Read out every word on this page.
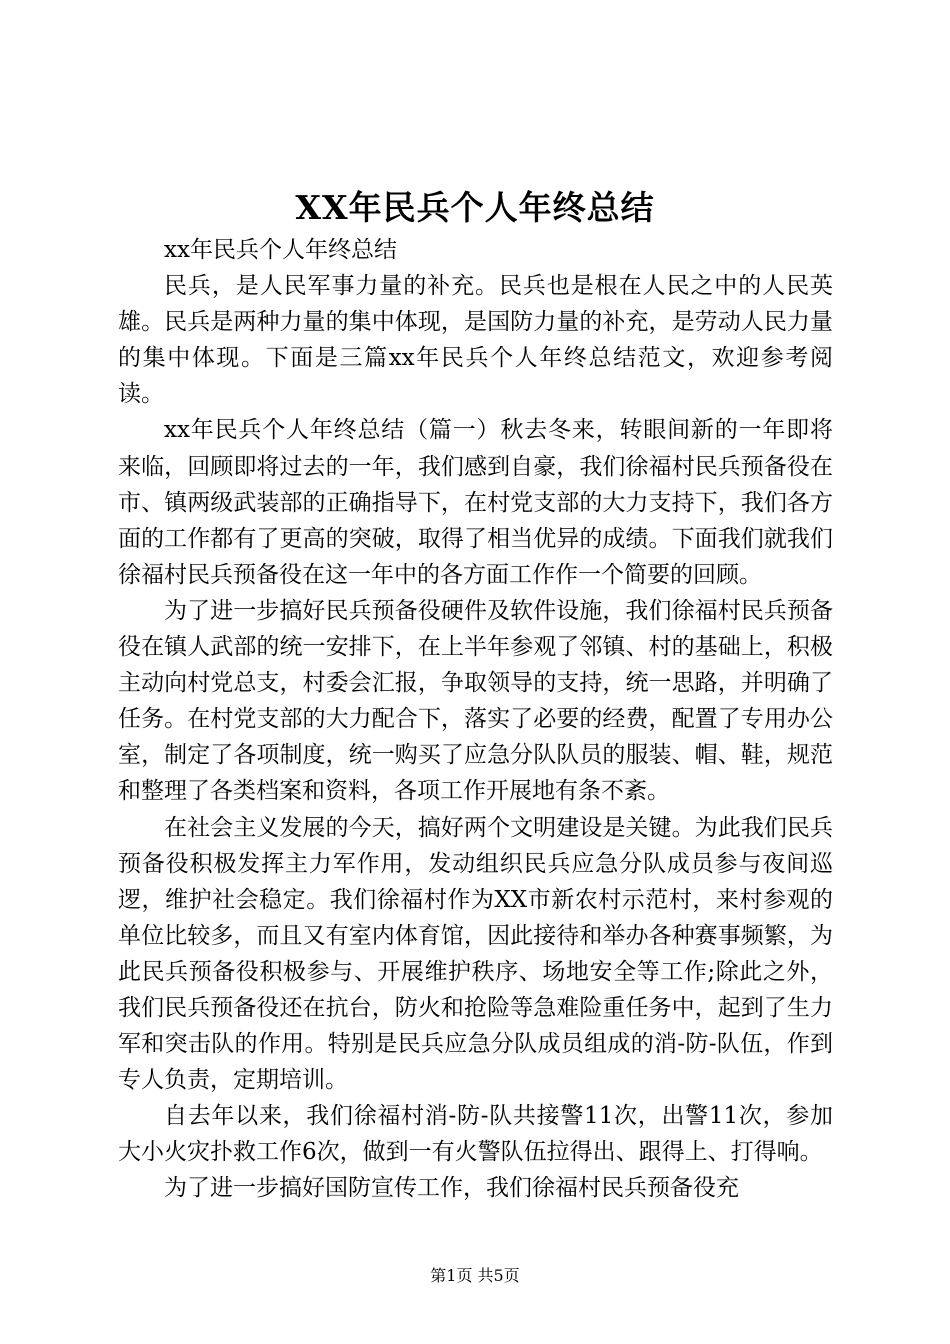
XX年民兵个人年终总结

xx年民兵个人年终总结

民兵，是人民军事力量的补充。民兵也是根在人民之中的人民英雄。民兵是两种力量的集中体现，是国防力量的补充，是劳动人民力量的集中体现。下面是三篇xx年民兵个人年终总结范文，欢迎参考阅读。

xx年民兵个人年终总结（篇一）秋去冬来，转眼间新的一年即将来临，回顾即将过去的一年，我们感到自豪，我们徐福村民兵预备役在市、镇两级武装部的正确指导下，在村党支部的大力支持下，我们各方面的工作都有了更高的突破，取得了相当优异的成绩。下面我们就我们徐福村民兵预备役在这一年中的各方面工作作一个简要的回顾。

为了进一步搞好民兵预备役硬件及软件设施，我们徐福村民兵预备役在镇人武部的统一安排下，在上半年参观了邻镇、村的基础上，积极主动向村党总支，村委会汇报，争取领导的支持，统一思路，并明确了任务。在村党支部的大力配合下，落实了必要的经费，配置了专用办公室，制定了各项制度，统一购买了应急分队队员的服装、帽、鞋，规范和整理了各类档案和资料，各项工作开展地有条不紊。

在社会主义发展的今天，搞好两个文明建设是关键。为此我们民兵预备役积极发挥主力军作用，发动组织民兵应急分队成员参与夜间巡逻，维护社会稳定。我们徐福村作为XX市新农村示范村，来村参观的单位比较多，而且又有室内体育馆，因此接待和举办各种赛事频繁，为此民兵预备役积极参与、开展维护秩序、场地安全等工作;除此之外，我们民兵预备役还在抗台，防火和抢险等急难险重任务中，起到了生力军和突击队的作用。特别是民兵应急分队成员组成的消-防-队伍，作到专人负责，定期培训。

自去年以来，我们徐福村消-防-队共接警11次，出警11次，参加大小火灾扑救工作6次，做到一有火警队伍拉得出、跟得上、打得响。

为了进一步搞好国防宣传工作，我们徐福村民兵预备役充

第1页 共5页
